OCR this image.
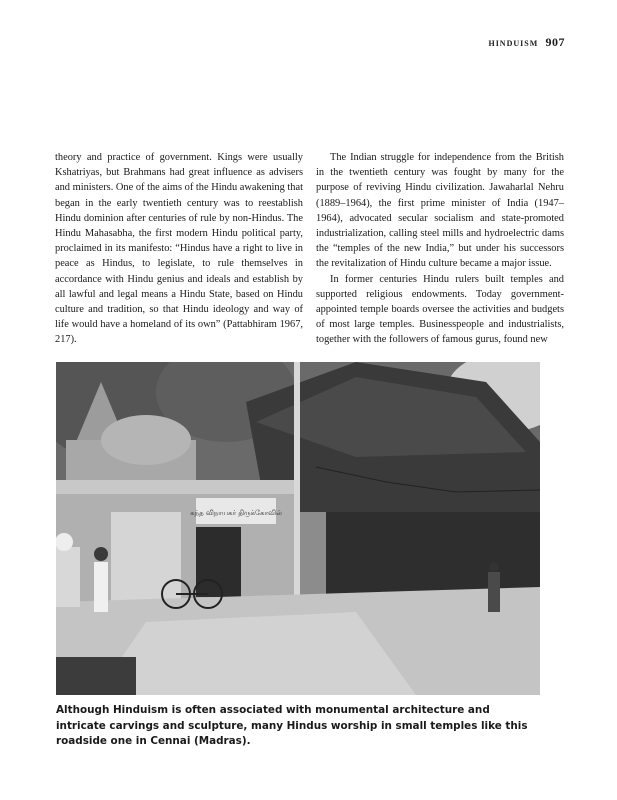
hinduism 907

theory and practice of government. Kings were usually Kshatriyas, but Brahmans had great influence as advisers and ministers. One of the aims of the Hindu awakening that began in the early twentieth century was to reestablish Hindu dominion after centuries of rule by non-Hindus. The Hindu Mahasabha, the first modern Hindu political party, proclaimed in its manifesto: “Hindus have a right to live in peace as Hindus, to legislate, to rule themselves in accordance with Hindu genius and ideals and establish by all lawful and legal means a Hindu State, based on Hindu culture and tradition, so that Hindu ideology and way of life would have a homeland of its own” (Pattabhiram 1967, 217).

The Indian struggle for independence from the British in the twentieth century was fought by many for the purpose of reviving Hindu civilization. Jawaharlal Nehru (1889–1964), the first prime minister of India (1947–1964), advocated secular socialism and state-promoted industrialization, calling steel mills and hydroelectric dams the “temples of the new India,” but under his successors the revitalization of Hindu culture became a major issue.

In former centuries Hindu rulers built temples and supported religious endowments. Today government-appointed temple boards oversee the activities and budgets of most large temples. Businesspeople and industrialists, together with the followers of famous gurus, found new

கந்த விநாயகர் திருக்கோவில்
Although Hinduism is often associated with monumental architecture and intricate carvings and sculpture, many Hindus worship in small temples like this roadside one in Cennai (Madras).
